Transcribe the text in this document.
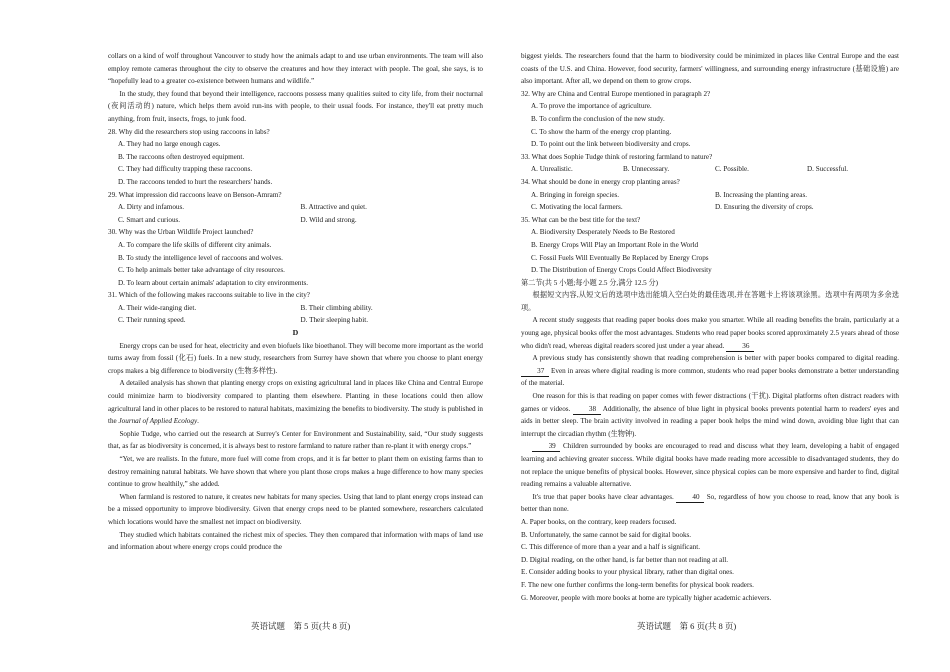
collars on a kind of wolf throughout Vancouver to study how the animals adapt to and use urban environments. The team will also employ remote cameras throughout the city to observe the creatures and how they interact with people. The goal, she says, is to “hopefully lead to a greater co-existence between humans and wildlife.”

In the study, they found that beyond their intelligence, raccoons possess many qualities suited to city life, from their nocturnal (夜间活动的) nature, which helps them avoid run-ins with people, to their usual foods. For instance, they'll eat pretty much anything, from fruit, insects, frogs, to junk food.

28. Why did the researchers stop using raccoons in labs?

A. They had no large enough cages.
B. The raccoons often destroyed equipment.
C. They had difficulty trapping these raccoons.
D. The raccoons tended to hurt the researchers' hands.

29. What impression did raccoons leave on Benson-Amram?

A. Dirty and infamous.	B. Attractive and quiet.
C. Smart and curious.	D. Wild and strong.

30. Why was the Urban Wildlife Project launched?

A. To compare the life skills of different city animals.
B. To study the intelligence level of raccoons and wolves.
C. To help animals better take advantage of city resources.
D. To learn about certain animals' adaptation to city environments.

31. Which of the following makes raccoons suitable to live in the city?

A. Their wide-ranging diet.	B. Their climbing ability.
C. Their running speed.	D. Their sleeping habit.
D

Energy crops can be used for heat, electricity and even biofuels like bioethanol. They will become more important as the world turns away from fossil (化石) fuels. In a new study, researchers from Surrey have shown that where you choose to plant energy crops makes a big difference to biodiversity (生物多样性).

A detailed analysis has shown that planting energy crops on existing agricultural land in places like China and Central Europe could minimize harm to biodiversity compared to planting them elsewhere. Planting in these locations could then allow agricultural land in other places to be restored to natural habitats, maximizing the benefits to biodiversity. The study is published in the Journal of Applied Ecology.

Sophie Tudge, who carried out the research at Surrey's Center for Environment and Sustainability, said, “Our study suggests that, as far as biodiversity is concerned, it is always best to restore farmland to nature rather than re-plant it with energy crops.”

“Yet, we are realists. In the future, more fuel will come from crops, and it is far better to plant them on existing farms than to destroy remaining natural habitats. We have shown that where you plant those crops makes a huge difference to how many species continue to grow healthily,” she added.

When farmland is restored to nature, it creates new habitats for many species. Using that land to plant energy crops instead can be a missed opportunity to improve biodiversity. Given that energy crops need to be planted somewhere, researchers calculated which locations would have the smallest net impact on biodiversity.

They studied which habitats contained the richest mix of species. They then compared that information with maps of land use and information about where energy crops could produce the

biggest yields. The researchers found that the harm to biodiversity could be minimized in places like Central Europe and the east coasts of the U.S. and China. However, food security, farmers' willingness, and surrounding energy infrastructure (基础设施) are also important. After all, we depend on them to grow crops.

32. Why are China and Central Europe mentioned in paragraph 2?

A. To prove the importance of agriculture.
B. To confirm the conclusion of the new study.
C. To show the harm of the energy crop planting.
D. To point out the link between biodiversity and crops.

33. What does Sophie Tudge think of restoring farmland to nature?

A. Unrealistic.	B. Unnecessary.	C. Possible.	D. Successful.

34. What should be done in energy crop planting areas?

A. Bringing in foreign species.	B. Increasing the planting areas.
C. Motivating the local farmers.	D. Ensuring the diversity of crops.

35. What can be the best title for the text?

A. Biodiversity Desperately Needs to Be Restored
B. Energy Crops Will Play an Important Role in the World
C. Fossil Fuels Will Eventually Be Replaced by Energy Crops
D. The Distribution of Energy Crops Could Affect Biodiversity

第二节(共 5 小题;每小题 2.5 分,满分 12.5 分)

根据短文内容,从短文后的选项中选出能填入空白处的最佳选项,并在答题卡上将该项涂黑。选项中有两项为多余选项。

A recent study suggests that reading paper books does make you smarter. While all reading benefits the brain, particularly at a young age, physical books offer the most advantages. Students who read paper books scored approximately 2.5 years ahead of those who didn't read, whereas digital readers scored just under a year ahead. 36

A previous study has consistently shown that reading comprehension is better with paper books compared to digital reading. 37 Even in areas where digital reading is more common, students who read paper books demonstrate a better understanding of the material.

One reason for this is that reading on paper comes with fewer distractions (干扰). Digital platforms often distract readers with games or videos. 38 Additionally, the absence of blue light in physical books prevents potential harm to readers' eyes and aids in better sleep. The brain activity involved in reading a paper book helps the mind wind down, avoiding blue light that can interrupt the circadian rhythm (生物钟).

39 Children surrounded by books are encouraged to read and discuss what they learn, developing a habit of engaged learning and achieving greater success. While digital books have made reading more accessible to disadvantaged students, they do not replace the unique benefits of physical books. However, since physical copies can be more expensive and harder to find, digital reading remains a valuable alternative.

It's true that paper books have clear advantages. 40 So, regardless of how you choose to read, know that any book is better than none.

A. Paper books, on the contrary, keep readers focused.
B. Unfortunately, the same cannot be said for digital books.
C. This difference of more than a year and a half is significant.
D. Digital reading, on the other hand, is far better than not reading at all.
E. Consider adding books to your physical library, rather than digital ones.
F. The new one further confirms the long-term benefits for physical book readers.
G. Moreover, people with more books at home are typically higher academic achievers.
英语试题　第 5 页(共 8 页)	英语试题　第 6 页(共 8 页)
